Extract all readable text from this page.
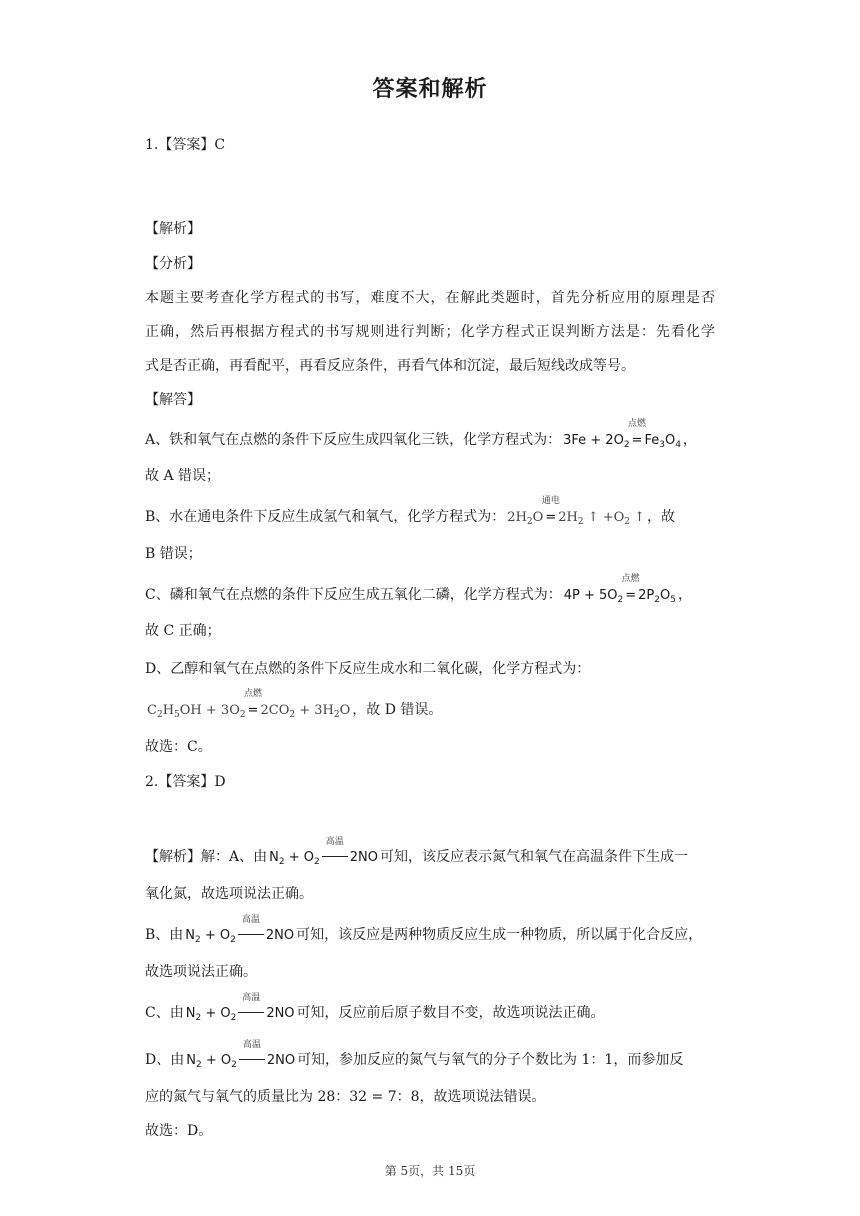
答案和解析
1.【答案】C
【解析】
【分析】
本题主要考查化学方程式的书写，难度不大，在解此类题时，首先分析应用的原理是否
正确，然后再根据方程式的书写规则进行判断；化学方程式正误判断方法是：先看化学
式是否正确，再看配平，再看反应条件，再看气体和沉淀，最后短线改成等号。
【解答】
A、铁和氧气在点燃的条件下反应生成四氧化三铁，化学方程式为： $3Fe + 2O_2$
点燃
= $Fe_3O_4$ ，
故 A 错误；
B、水在通电条件下反应生成氢气和氧气，化学方程式为： $2H_2O$
通电
= $2H_2$ ↑ $+O_2$ ↑ ，故
B 错误；
C、磷和氧气在点燃的条件下反应生成五氧化二磷，化学方程式为： $4P + 5O_2$
点燃
= $2P_2O_5$ ，
故 C 正确；
D、乙醇和氧气在点燃的条件下反应生成水和二氧化碳，化学方程式为：
$C_2H_5OH + 3O_2$
点燃
= $2CO_2 + 3H_2O$ ，故 D 错误。
故选：C。
2.【答案】D
【解析】解：A、由 $N_2 + O_2$
高温
2NO 可知，该反应表示氮气和氧气在高温条件下生成一
氧化氮，故选项说法正确。
B、由 $N_2 + O_2$
高温
2NO 可知，该反应是两种物质反应生成一种物质，所以属于化合反应，
故选项说法正确。
C、由 $N_2 + O_2$
高温
2NO 可知，反应前后原子数目不变，故选项说法正确。
D、由 $N_2 + O_2$
高温
2NO 可知，参加反应的氮气与氧气的分子个数比为 1：1，而参加反
应的氮气与氧气的质量比为 28：32 = 7：8，故选项说法错误。
故选：D。
第 5页，共 15页
